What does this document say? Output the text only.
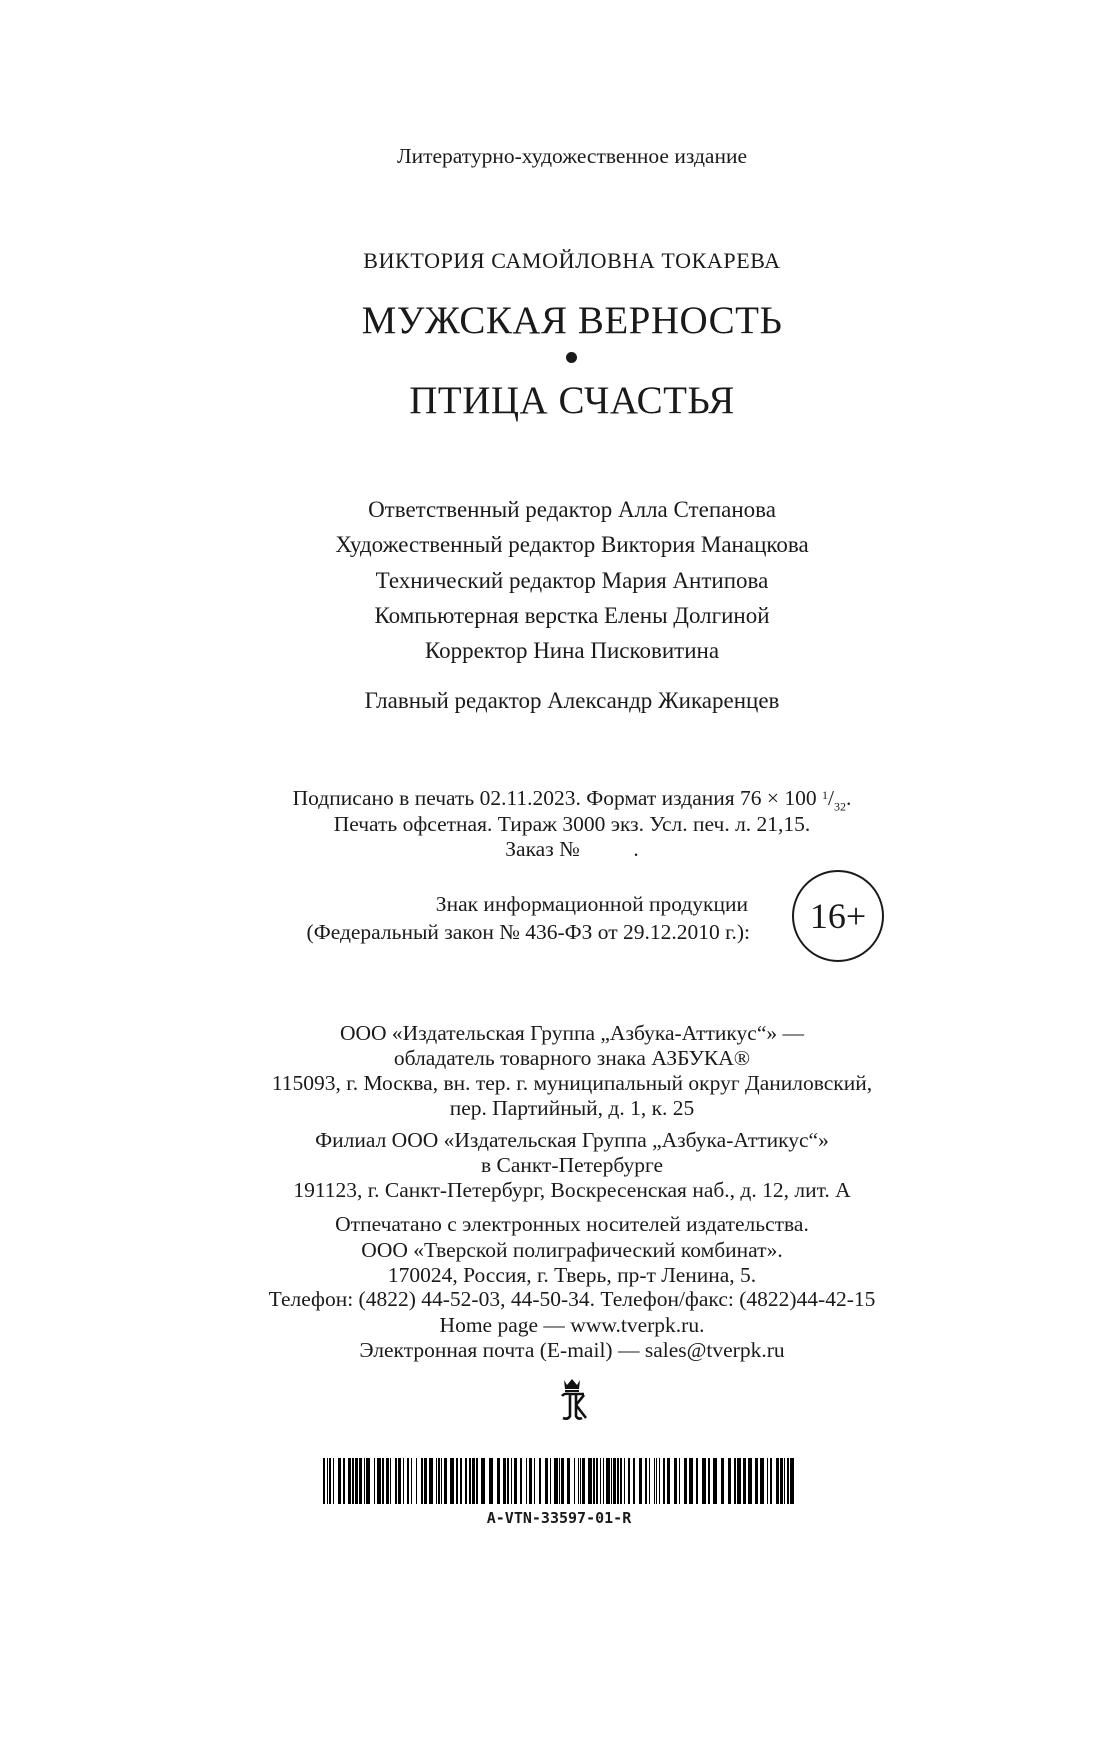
Литературно-художественное издание
ВИКТОРИЯ САМОЙЛОВНА ТОКАРЕВА
МУЖСКАЯ ВЕРНОСТЬ
ПТИЦА СЧАСТЬЯ
Ответственный редактор Алла Степанова
Художественный редактор Виктория Манацкова
Технический редактор Мария Антипова
Компьютерная верстка Елены Долгиной
Корректор Нина Писковитина
Главный редактор Александр Жикаренцев
Подписано в печать 02.11.2023. Формат издания 76 × 100 $^1/_{32}$.
Печать офсетная. Тираж 3000 экз. Усл. печ. л. 21,15.
Заказ №          .
Знак информационной продукции
(Федеральный закон № 436-ФЗ от 29.12.2010 г.):	16+
ООО «Издательская Группа „Азбука-Аттикус“» —
обладатель товарного знака АЗБУКА®
115093, г. Москва, вн. тер. г. муниципальный округ Даниловский,
пер. Партийный, д. 1, к. 25
Филиал ООО «Издательская Группа „Азбука-Аттикус“»
в Санкт-Петербурге
191123, г. Санкт-Петербург, Воскресенская наб., д. 12, лит. А
Отпечатано с электронных носителей издательства.
ООО «Тверской полиграфический комбинат».
170024, Россия, г. Тверь, пр-т Ленина, 5.
Телефон: (4822) 44-52-03, 44-50-34. Телефон/факс: (4822)44-42-15
Home page — www.tverpk.ru.
Электронная почта (E-mail) — sales@tverpk.ru
A-VTN-33597-01-R
